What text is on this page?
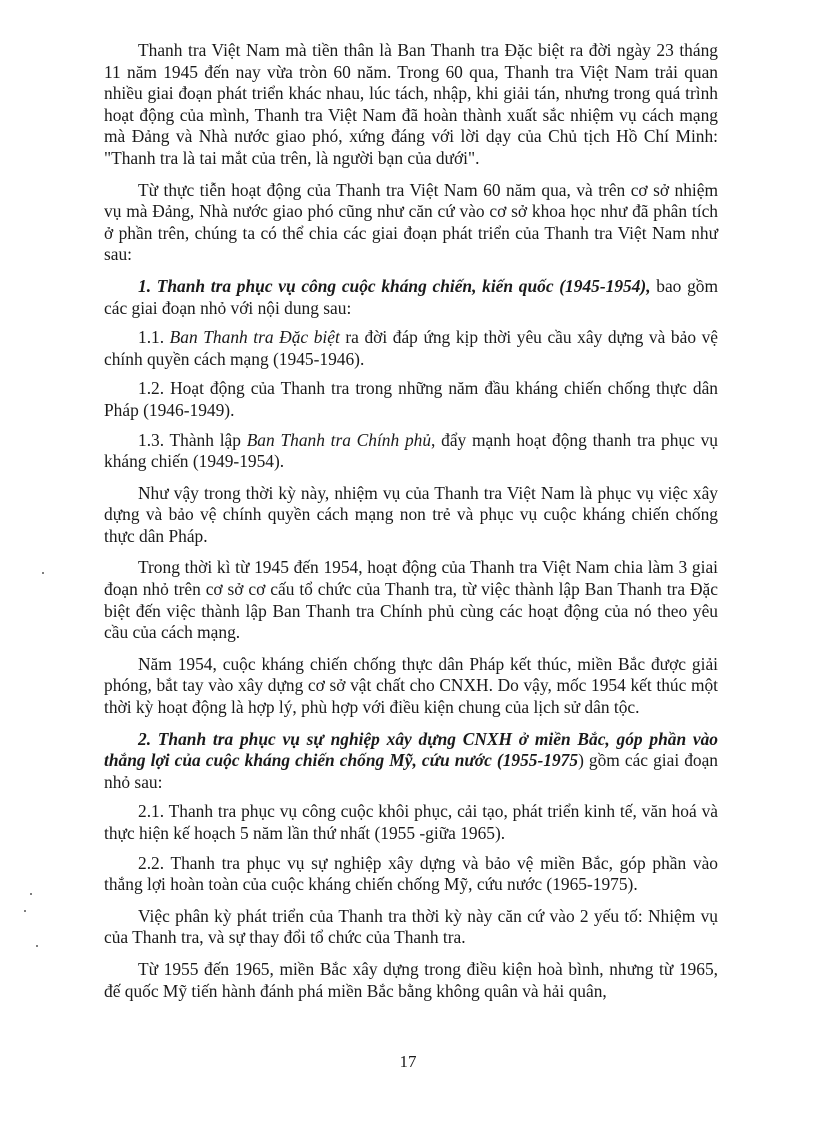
Thanh tra Việt Nam mà tiền thân là Ban Thanh tra Đặc biệt ra đời ngày 23 tháng 11 năm 1945 đến nay vừa tròn 60 năm. Trong 60 qua, Thanh tra Việt Nam trải quan nhiều giai đoạn phát triển khác nhau, lúc tách, nhập, khi giải tán, nhưng trong quá trình hoạt động của mình, Thanh tra Việt Nam đã hoàn thành xuất sắc nhiệm vụ cách mạng mà Đảng và Nhà nước giao phó, xứng đáng với lời dạy của Chủ tịch Hồ Chí Minh: "Thanh tra là tai mắt của trên, là người bạn của dưới".

Từ thực tiễn hoạt động của Thanh tra Việt Nam 60 năm qua, và trên cơ sở nhiệm vụ mà Đảng, Nhà nước giao phó cũng như căn cứ vào cơ sở khoa học như đã phân tích ở phần trên, chúng ta có thể chia các giai đoạn phát triển của Thanh tra Việt Nam như sau:

1. Thanh tra phục vụ công cuộc kháng chiến, kiến quốc (1945-1954), bao gồm các giai đoạn nhỏ với nội dung sau:

1.1. Ban Thanh tra Đặc biệt ra đời đáp ứng kịp thời yêu cầu xây dựng và bảo vệ chính quyền cách mạng (1945-1946).

1.2. Hoạt động của Thanh tra trong những năm đầu kháng chiến chống thực dân Pháp (1946-1949).

1.3. Thành lập Ban Thanh tra Chính phủ, đẩy mạnh hoạt động thanh tra phục vụ kháng chiến (1949-1954).

Như vậy trong thời kỳ này, nhiệm vụ của Thanh tra Việt Nam là phục vụ việc xây dựng và bảo vệ chính quyền cách mạng non trẻ và phục vụ cuộc kháng chiến chống thực dân Pháp.

Trong thời kì từ 1945 đến 1954, hoạt động của Thanh tra Việt Nam chia làm 3 giai đoạn nhỏ trên cơ sở cơ cấu tổ chức của Thanh tra, từ việc thành lập Ban Thanh tra Đặc biệt đến việc thành lập Ban Thanh tra Chính phủ cùng các hoạt động của nó theo yêu cầu của cách mạng.

Năm 1954, cuộc kháng chiến chống thực dân Pháp kết thúc, miền Bắc được giải phóng, bắt tay vào xây dựng cơ sở vật chất cho CNXH. Do vậy, mốc 1954 kết thúc một thời kỳ hoạt động là hợp lý, phù hợp với điều kiện chung của lịch sử dân tộc.

2. Thanh tra phục vụ sự nghiệp xây dựng CNXH ở miền Bắc, góp phần vào thắng lợi của cuộc kháng chiến chống Mỹ, cứu nước (1955-1975) gồm các giai đoạn nhỏ sau:

2.1. Thanh tra phục vụ công cuộc khôi phục, cải tạo, phát triển kinh tế, văn hoá và thực hiện kế hoạch 5 năm lần thứ nhất (1955 -giữa 1965).

2.2. Thanh tra phục vụ sự nghiệp xây dựng và bảo vệ miền Bắc, góp phần vào thắng lợi hoàn toàn của cuộc kháng chiến chống Mỹ, cứu nước (1965-1975).

Việc phân kỳ phát triển của Thanh tra thời kỳ này căn cứ vào 2 yếu tố: Nhiệm vụ của Thanh tra, và sự thay đổi tổ chức của Thanh tra.

Từ 1955 đến 1965, miền Bắc xây dựng trong điều kiện hoà bình, nhưng từ 1965, đế quốc Mỹ tiến hành đánh phá miền Bắc bằng không quân và hải quân,

17
